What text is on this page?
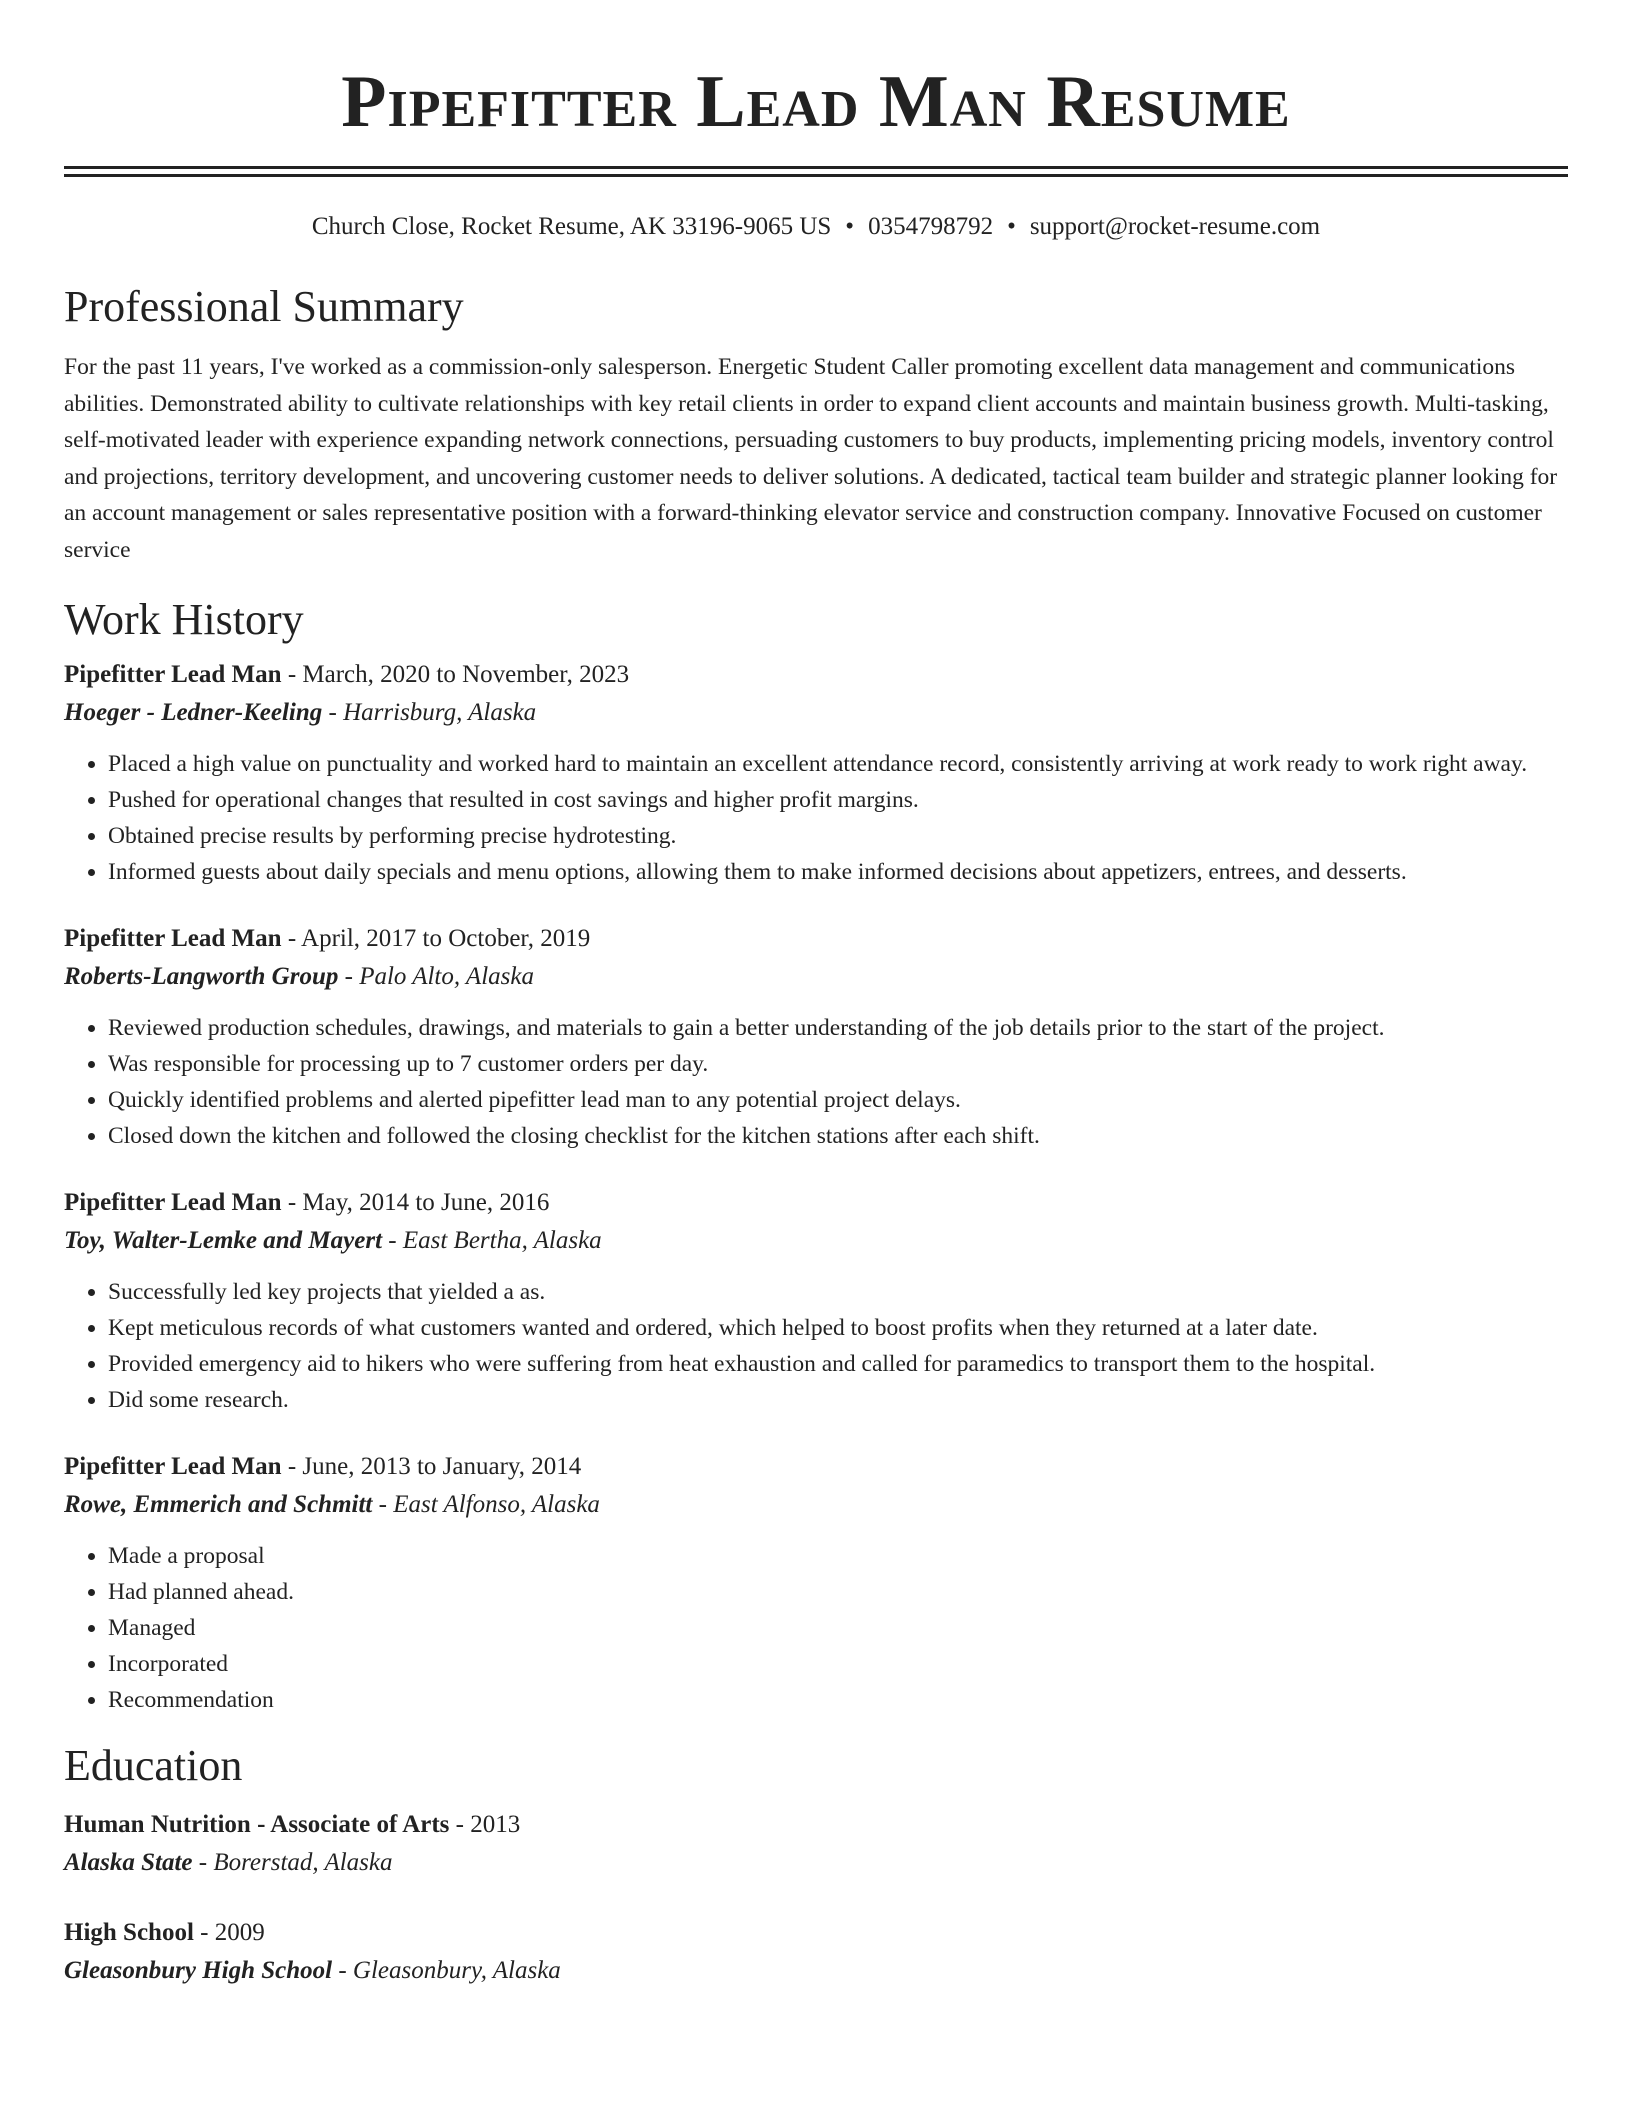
Pipefitter Lead Man Resume
Church Close, Rocket Resume, AK 33196-9065 US • 0354798792 • support@rocket-resume.com
Professional Summary

For the past 11 years, I've worked as a commission-only salesperson. Energetic Student Caller promoting excellent data management and communications abilities. Demonstrated ability to cultivate relationships with key retail clients in order to expand client accounts and maintain business growth. Multi-tasking, self-motivated leader with experience expanding network connections, persuading customers to buy products, implementing pricing models, inventory control and projections, territory development, and uncovering customer needs to deliver solutions. A dedicated, tactical team builder and strategic planner looking for an account management or sales representative position with a forward-thinking elevator service and construction company. Innovative Focused on customer service

Work History
Pipefitter Lead Man - March, 2020 to November, 2023
Hoeger - Ledner-Keeling - Harrisburg, Alaska
• Placed a high value on punctuality and worked hard to maintain an excellent attendance record, consistently arriving at work ready to work right away.
• Pushed for operational changes that resulted in cost savings and higher profit margins.
• Obtained precise results by performing precise hydrotesting.
• Informed guests about daily specials and menu options, allowing them to make informed decisions about appetizers, entrees, and desserts.
Pipefitter Lead Man - April, 2017 to October, 2019
Roberts-Langworth Group - Palo Alto, Alaska
• Reviewed production schedules, drawings, and materials to gain a better understanding of the job details prior to the start of the project.
• Was responsible for processing up to 7 customer orders per day.
• Quickly identified problems and alerted pipefitter lead man to any potential project delays.
• Closed down the kitchen and followed the closing checklist for the kitchen stations after each shift.
Pipefitter Lead Man - May, 2014 to June, 2016
Toy, Walter-Lemke and Mayert - East Bertha, Alaska
• Successfully led key projects that yielded a as.
• Kept meticulous records of what customers wanted and ordered, which helped to boost profits when they returned at a later date.
• Provided emergency aid to hikers who were suffering from heat exhaustion and called for paramedics to transport them to the hospital.
• Did some research.
Pipefitter Lead Man - June, 2013 to January, 2014
Rowe, Emmerich and Schmitt - East Alfonso, Alaska
• Made a proposal
• Had planned ahead.
• Managed
• Incorporated
• Recommendation
Education
Human Nutrition - Associate of Arts - 2013
Alaska State - Borerstad, Alaska
High School - 2009
Gleasonbury High School - Gleasonbury, Alaska
